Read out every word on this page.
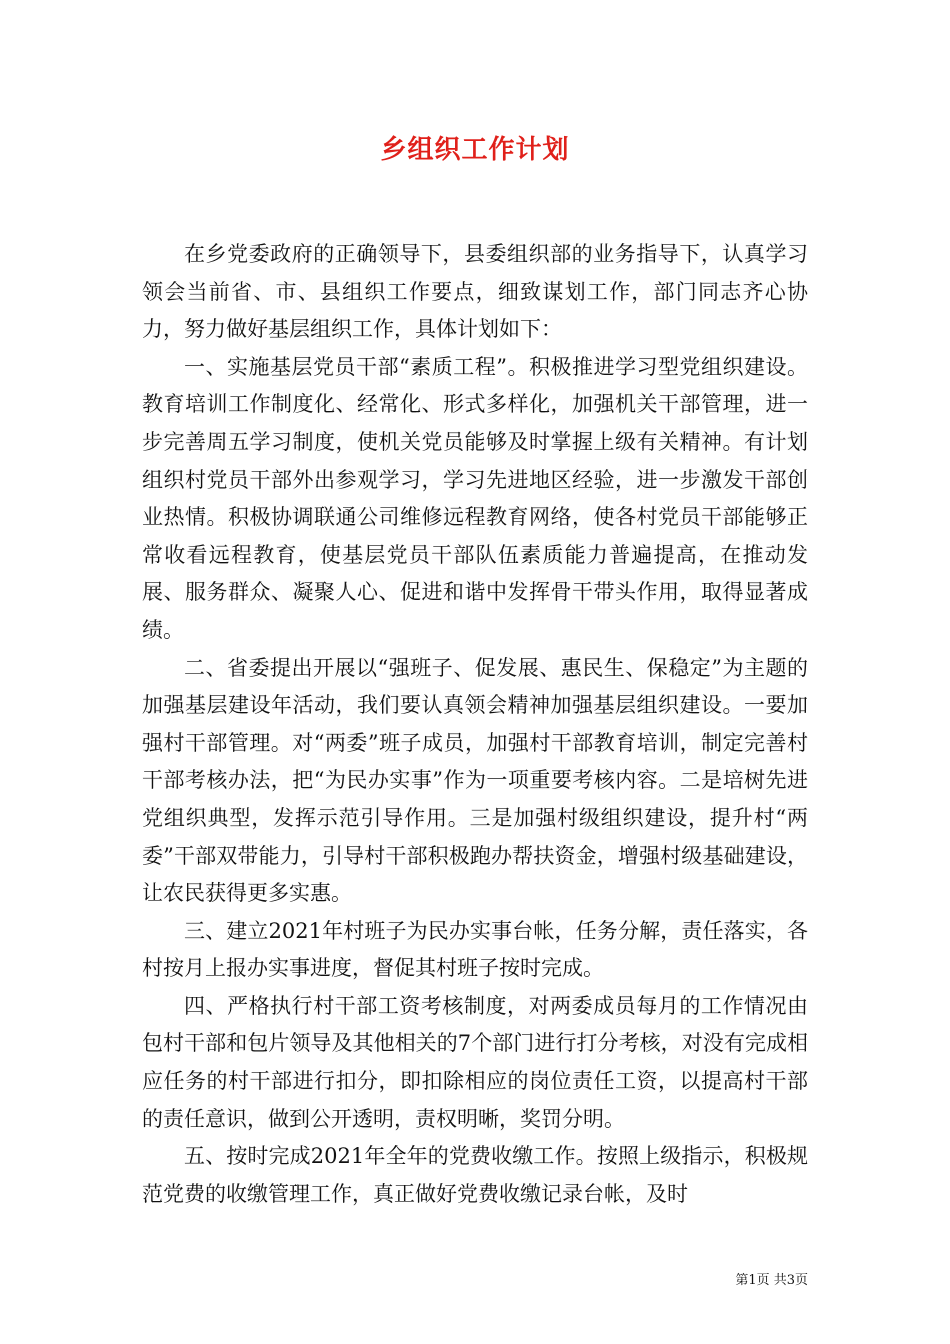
乡组织工作计划

在乡党委政府的正确领导下，县委组织部的业务指导下，认真学习领会当前省、市、县组织工作要点，细致谋划工作，部门同志齐心协力，努力做好基层组织工作，具体计划如下：

一、实施基层党员干部“素质工程”。积极推进学习型党组织建设。教育培训工作制度化、经常化、形式多样化，加强机关干部管理，进一步完善周五学习制度，使机关党员能够及时掌握上级有关精神。有计划组织村党员干部外出参观学习，学习先进地区经验，进一步激发干部创业热情。积极协调联通公司维修远程教育网络，使各村党员干部能够正常收看远程教育，使基层党员干部队伍素质能力普遍提高，在推动发展、服务群众、凝聚人心、促进和谐中发挥骨干带头作用，取得显著成绩。

二、省委提出开展以“强班子、促发展、惠民生、保稳定”为主题的加强基层建设年活动，我们要认真领会精神加强基层组织建设。一要加强村干部管理。对“两委”班子成员，加强村干部教育培训，制定完善村干部考核办法，把“为民办实事”作为一项重要考核内容。二是培树先进党组织典型，发挥示范引导作用。三是加强村级组织建设，提升村“两委”干部双带能力，引导村干部积极跑办帮扶资金，增强村级基础建设，让农民获得更多实惠。

三、建立2021年村班子为民办实事台帐，任务分解，责任落实，各村按月上报办实事进度，督促其村班子按时完成。

四、严格执行村干部工资考核制度，对两委成员每月的工作情况由包村干部和包片领导及其他相关的7个部门进行打分考核，对没有完成相应任务的村干部进行扣分，即扣除相应的岗位责任工资，以提高村干部的责任意识，做到公开透明，责权明晰，奖罚分明。

五、按时完成2021年全年的党费收缴工作。按照上级指示，积极规范党费的收缴管理工作，真正做好党费收缴记录台帐，及时

第1页 共3页
